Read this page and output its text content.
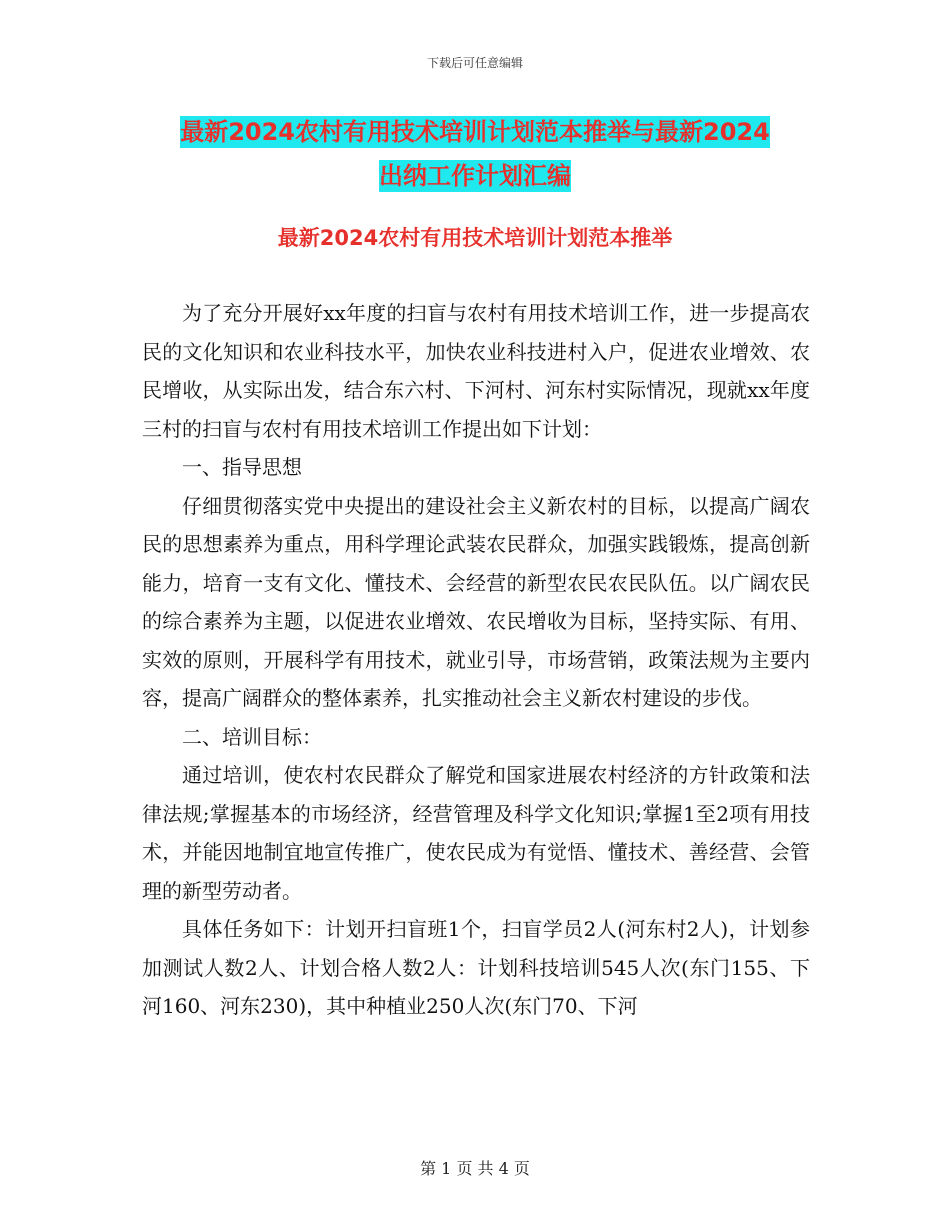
下载后可任意编辑
最新2024农村有用技术培训计划范本推举与最新2024
出纳工作计划汇编
最新2024农村有用技术培训计划范本推举

为了充分开展好xx年度的扫盲与农村有用技术培训工作，进一步提高农民的文化知识和农业科技水平，加快农业科技进村入户，促进农业增效、农民增收，从实际出发，结合东六村、下河村、河东村实际情况，现就xx年度三村的扫盲与农村有用技术培训工作提出如下计划：

一、指导思想

仔细贯彻落实党中央提出的建设社会主义新农村的目标，以提高广阔农民的思想素养为重点，用科学理论武装农民群众，加强实践锻炼，提高创新能力，培育一支有文化、懂技术、会经营的新型农民农民队伍。以广阔农民的综合素养为主题，以促进农业增效、农民增收为目标，坚持实际、有用、实效的原则，开展科学有用技术，就业引导，市场营销，政策法规为主要内容，提高广阔群众的整体素养，扎实推动社会主义新农村建设的步伐。

二、培训目标：

通过培训，使农村农民群众了解党和国家进展农村经济的方针政策和法律法规;掌握基本的市场经济，经营管理及科学文化知识;掌握1至2项有用技术，并能因地制宜地宣传推广，使农民成为有觉悟、懂技术、善经营、会管理的新型劳动者。

具体任务如下：计划开扫盲班1个，扫盲学员2人(河东村2人)，计划参加测试人数2人、计划合格人数2人：计划科技培训545人次(东门155、下河160、河东230)，其中种植业250人次(东门70、下河

第 1 页 共 4 页
